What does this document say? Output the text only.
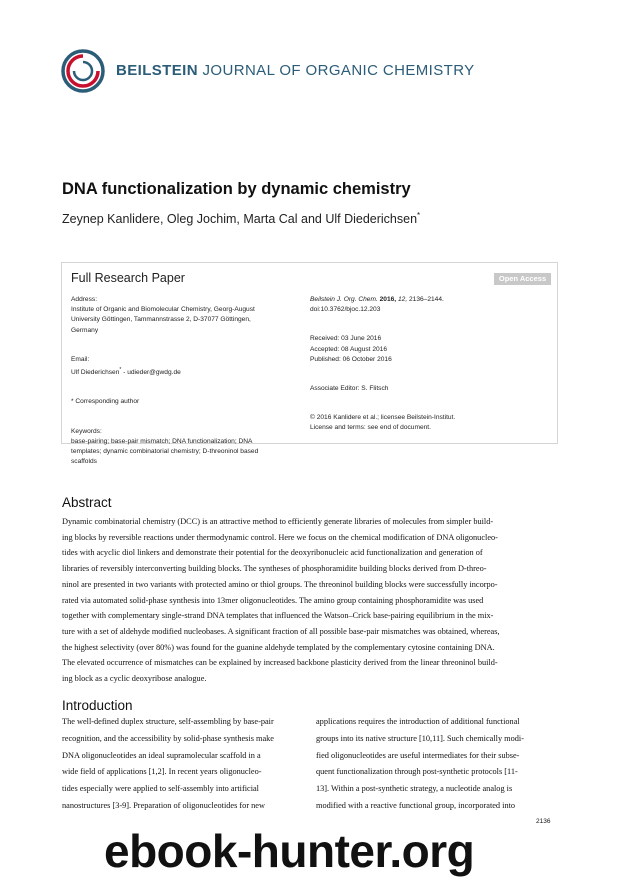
BEILSTEIN JOURNAL OF ORGANIC CHEMISTRY
DNA functionalization by dynamic chemistry
Zeynep Kanlidere, Oleg Jochim, Marta Cal and Ulf Diederichsen*
Full Research Paper	Open Access
Address:
Institute of Organic and Biomolecular Chemistry, Georg-August
University Göttingen, Tammannstrasse 2, D-37077 Göttingen,
Germany
Email:
Ulf Diederichsen* - udieder@gwdg.de
* Corresponding author
Keywords:
base-pairing; base-pair mismatch; DNA functionalization; DNA
templates; dynamic combinatorial chemistry; D-threoninol based
scaffolds
Beilstein J. Org. Chem. 2016, 12, 2136–2144.
doi:10.3762/bjoc.12.203
Received: 03 June 2016
Accepted: 08 August 2016
Published: 06 October 2016
Associate Editor: S. Flitsch
© 2016 Kanlidere et al.; licensee Beilstein-Institut.
License and terms: see end of document.
Abstract
Dynamic combinatorial chemistry (DCC) is an attractive method to efficiently generate libraries of molecules from simpler build-
ing blocks by reversible reactions under thermodynamic control. Here we focus on the chemical modification of DNA oligonucleo-
tides with acyclic diol linkers and demonstrate their potential for the deoxyribonucleic acid functionalization and generation of
libraries of reversibly interconverting building blocks. The syntheses of phosphoramidite building blocks derived from D-threo-
ninol are presented in two variants with protected amino or thiol groups. The threoninol building blocks were successfully incorpo-
rated via automated solid-phase synthesis into 13mer oligonucleotides. The amino group containing phosphoramidite was used
together with complementary single-strand DNA templates that influenced the Watson–Crick base-pairing equilibrium in the mix-
ture with a set of aldehyde modified nucleobases. A significant fraction of all possible base-pair mismatches was obtained, whereas,
the highest selectivity (over 80%) was found for the guanine aldehyde templated by the complementary cytosine containing DNA.
The elevated occurrence of mismatches can be explained by increased backbone plasticity derived from the linear threoninol build-
ing block as a cyclic deoxyribose analogue.
Introduction
The well-defined duplex structure, self-assembling by base-pair
recognition, and the accessibility by solid-phase synthesis make
DNA oligonucleotides an ideal supramolecular scaffold in a
wide field of applications [1,2]. In recent years oligonucleo-
tides especially were applied to self-assembly into artificial
nanostructures [3-9]. Preparation of oligonucleotides for new
applications requires the introduction of additional functional
groups into its native structure [10,11]. Such chemically modi-
fied oligonucleotides are useful intermediates for their subse-
quent functionalization through post-synthetic protocols [11-
13]. Within a post-synthetic strategy, a nucleotide analog is
modified with a reactive functional group, incorporated into
2136
ebook-hunter.org
